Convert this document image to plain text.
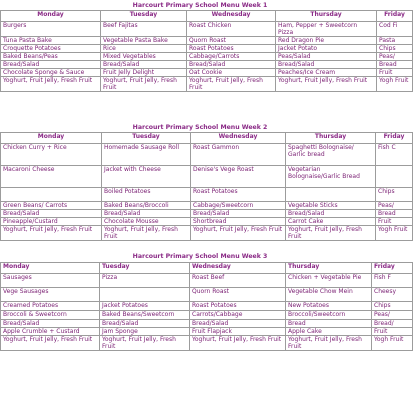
Harcourt Primary School Menu Week 1
Monday	Tuesday	Wednesday	Thursday	Friday
Burgers	Beef Fajitas	Roast Chicken	Ham, Pepper + Sweetcorn Pizza	Cod Fi
Tuna Pasta Bake	Vegetable Pasta Bake	Quorn Roast	Red Dragon Pie	Pasta
Croquette Potatoes	Rice	Roast Potatoes	Jacket Potato	Chips
Baked Beans/Peas	Mixed Vegetables	Cabbage/Carrots	Peas/Salad	Peas/
Bread/Salad	Bread/Salad	Bread/Salad	Bread/Salad	Bread
Chocolate Sponge & Sauce	Fruit Jelly Delight	Oat Cookie	Peaches/Ice Cream	Fruit
Yoghurt, Fruit Jelly, Fresh Fruit	Yoghurt, Fruit Jelly, Fresh Fruit	Yoghurt, Fruit Jelly, Fresh Fruit	Yoghurt, Fruit Jelly, Fresh Fruit	Yogh Fruit
Harcourt Primary School Menu Week 2
Monday	Tuesday	Wednesday	Thursday	Friday
Chicken Curry + Rice	Homemade Sausage Roll	Roast Gammon	Spaghetti Bolognaise/ Garlic bread	Fish C
Macaroni Cheese	Jacket with Cheese	Denise's Vege Roast	Vegetarian Bolognaise/Garlic Bread	
	Boiled Potatoes	Roast Potatoes		Chips
Green Beans/ Carrots	Baked Beans/Broccoli	Cabbage/Sweetcorn	Vegetable Sticks	Peas/
Bread/Salad	Bread/Salad	Bread/Salad	Bread/Salad	Bread
Pineapple/Custard	Chocolate Mousse	Shortbread	Carrot Cake	Fruit
Yoghurt, Fruit Jelly, Fresh Fruit	Yoghurt, Fruit Jelly, Fresh Fruit	Yoghurt, Fruit Jelly, Fresh Fruit	Yoghurt, Fruit Jelly, Fresh Fruit	Yogh Fruit
Harcourt Primary School Menu Week 3
Monday	Tuesday	Wednesday	Thursday	Friday
Sausages	Pizza	Roast Beef	Chicken + Vegetable Pie	Fish F
Vege Sausages		Quorn Roast	Vegetable Chow Mein	Cheesy
Creamed Potatoes	Jacket Potatoes	Roast Potatoes	New Potatoes	Chips
Broccoli & Sweetcorn	Baked Beans/Sweetcorn	Carrots/Cabbage	Broccoli/Sweetcorn	Peas/
Bread/Salad	Bread/Salad	Bread/Salad	Bread	Bread/
Apple Crumble + Custard	Jam Sponge	Fruit Flapjack	Apple Cake	Fruit
Yoghurt, Fruit Jelly, Fresh Fruit	Yoghurt, Fruit Jelly, Fresh Fruit	Yoghurt, Fruit Jelly, Fresh Fruit	Yoghurt, Fruit Jelly, Fresh Fruit	Yogh Fruit
